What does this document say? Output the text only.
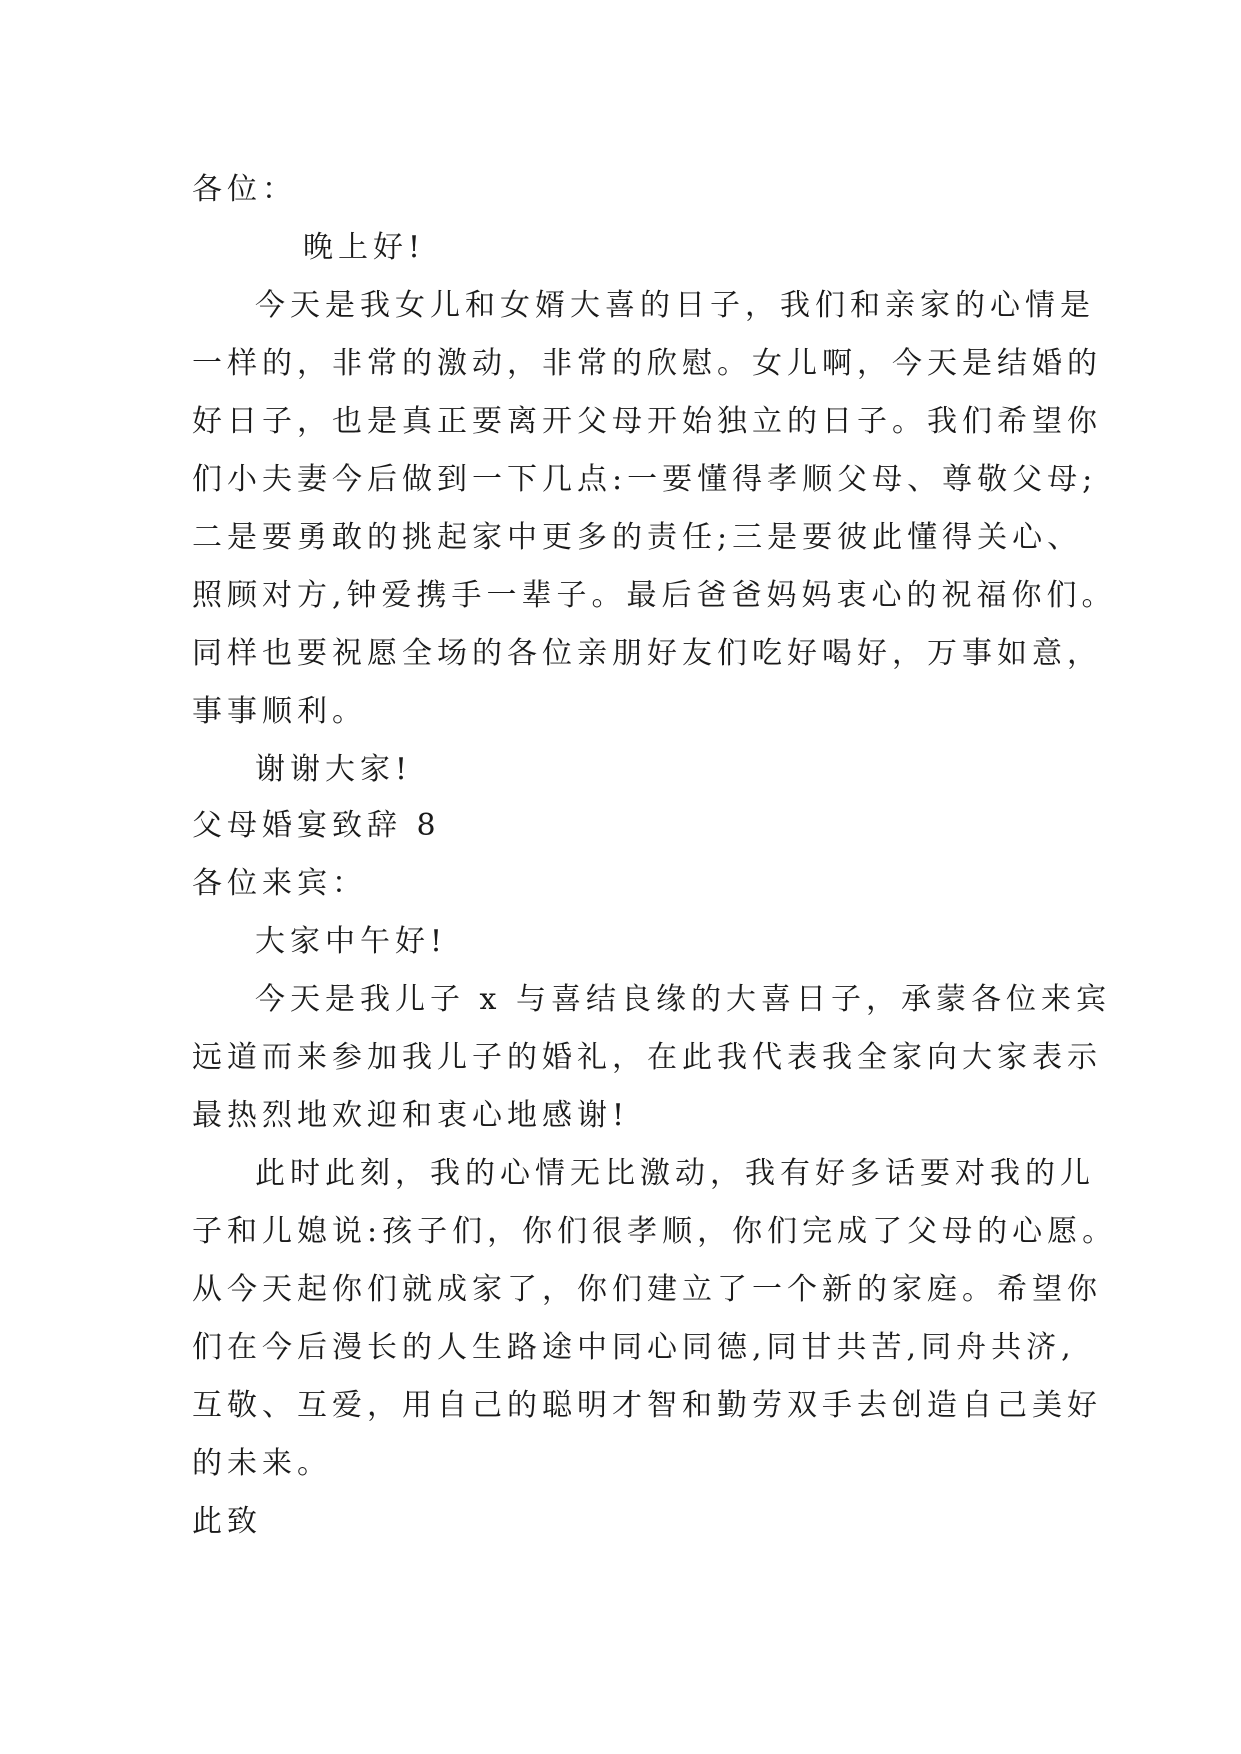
各位：
晚上好!
今天是我女儿和女婿大喜的日子，我们和亲家的心情是
一样的，非常的激动，非常的欣慰。女儿啊，今天是结婚的
好日子，也是真正要离开父母开始独立的日子。我们希望你
们小夫妻今后做到一下几点:一要懂得孝顺父母、尊敬父母;
二是要勇敢的挑起家中更多的责任;三是要彼此懂得关心、
照顾对方,钟爱携手一辈子。最后爸爸妈妈衷心的祝福你们。
同样也要祝愿全场的各位亲朋好友们吃好喝好，万事如意，
事事顺利。
谢谢大家!
父母婚宴致辞 8
各位来宾：
大家中午好!
今天是我儿子 x 与喜结良缘的大喜日子，承蒙各位来宾
远道而来参加我儿子的婚礼，在此我代表我全家向大家表示
最热烈地欢迎和衷心地感谢!
此时此刻，我的心情无比激动，我有好多话要对我的儿
子和儿媳说:孩子们，你们很孝顺，你们完成了父母的心愿。
从今天起你们就成家了，你们建立了一个新的家庭。希望你
们在今后漫长的人生路途中同心同德,同甘共苦,同舟共济,
互敬、互爱，用自己的聪明才智和勤劳双手去创造自己美好
的未来。
此致
